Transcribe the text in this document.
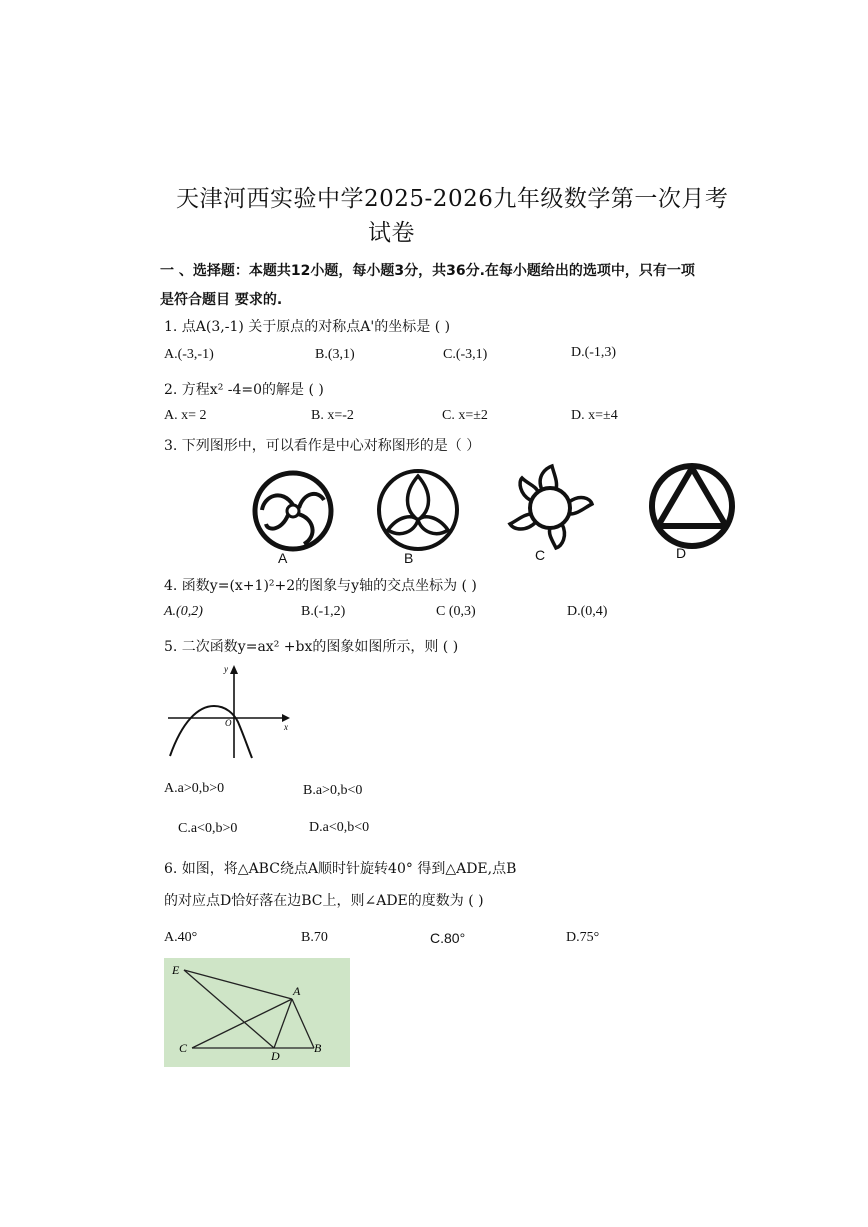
天津河西实验中学2025-2026九年级数学第一次月考
试卷
一 、选择题：本题共12小题，每小题3分，共36分.在每小题给出的选项中，只有一项
是符合题目 要求的.
1. 点A(3,-1) 关于原点的对称点A'的坐标是 ( )
A.(-3,-1)	B.(3,1)	C.(-3,1)	D.(-1,3)
2. 方程x² -4=0的解是 ( )
A. x= 2	B. x=-2	C. x=±2	D. x=±4
3. 下列图形中，可以看作是中心对称图形的是（ ）
A	B	C	D
4. 函数y=(x+1)²+2的图象与y轴的交点坐标为 ( )
A.(0,2)	B.(-1,2)	C (0,3)	D.(0,4)
5. 二次函数y=ax² +bx的图象如图所示，则 ( )
y
x
O
A.a>0,b>0	B.a>0,b<0
C.a<0,b>0	D.a<0,b<0
6. 如图，将△ABC绕点A顺时针旋转40° 得到△ADE,点B
的对应点D恰好落在边BC上，则∠ADE的度数为 ( )
A.40°	B.70	C.80°	D.75°
E
A
C
D
B
